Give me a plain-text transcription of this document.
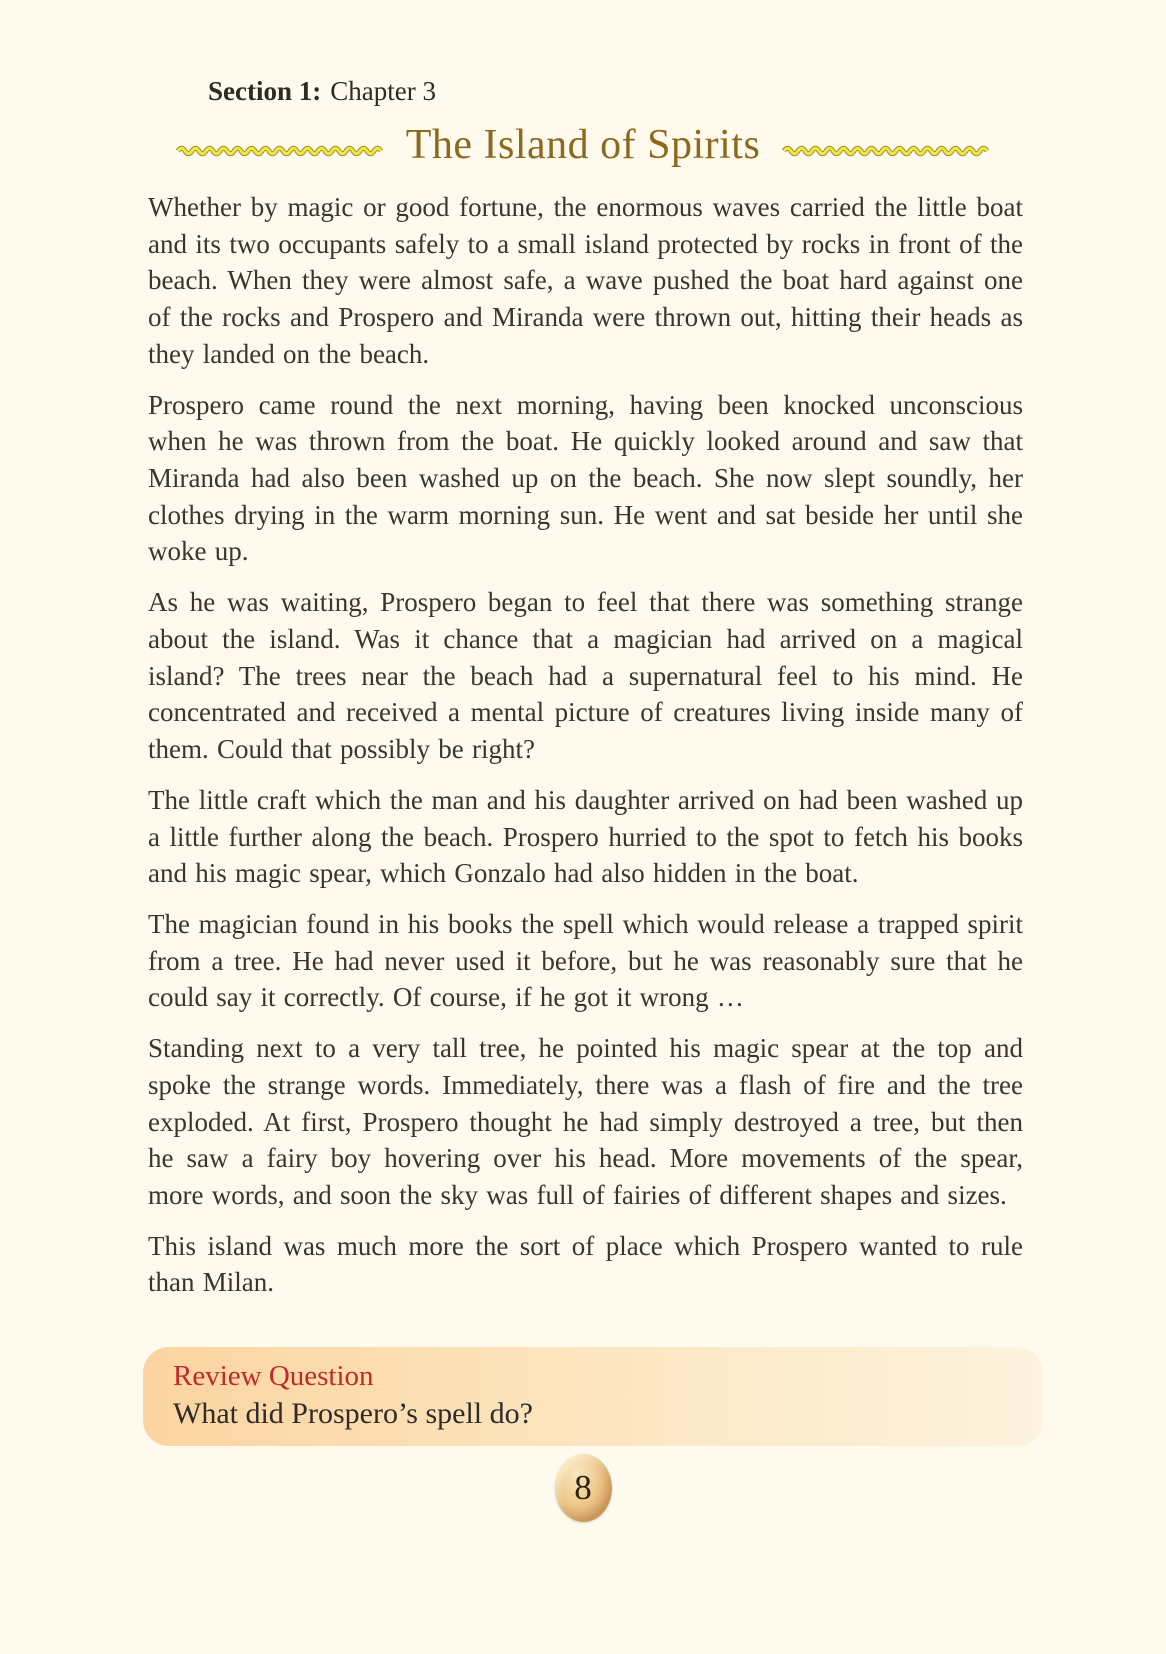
Section 1: Chapter 3
The Island of Spirits

Whether by magic or good fortune, the enormous waves carried the little boat and its two occupants safely to a small island protected by rocks in front of the beach. When they were almost safe, a wave pushed the boat hard against one of the rocks and Prospero and Miranda were thrown out, hitting their heads as they landed on the beach.

Prospero came round the next morning, having been knocked unconscious when he was thrown from the boat. He quickly looked around and saw that Miranda had also been washed up on the beach. She now slept soundly, her clothes drying in the warm morning sun. He went and sat beside her until she woke up.

As he was waiting, Prospero began to feel that there was something strange about the island. Was it chance that a magician had arrived on a magical island? The trees near the beach had a supernatural feel to his mind. He concentrated and received a mental picture of creatures living inside many of them. Could that possibly be right?

The little craft which the man and his daughter arrived on had been washed up a little further along the beach. Prospero hurried to the spot to fetch his books and his magic spear, which Gonzalo had also hidden in the boat.

The magician found in his books the spell which would release a trapped spirit from a tree. He had never used it before, but he was reasonably sure that he could say it correctly. Of course, if he got it wrong …

Standing next to a very tall tree, he pointed his magic spear at the top and spoke the strange words. Immediately, there was a flash of fire and the tree exploded. At first, Prospero thought he had simply destroyed a tree, but then he saw a fairy boy hovering over his head. More movements of the spear, more words, and soon the sky was full of fairies of different shapes and sizes.

This island was much more the sort of place which Prospero wanted to rule than Milan.

Review Question
What did Prospero’s spell do?
8
